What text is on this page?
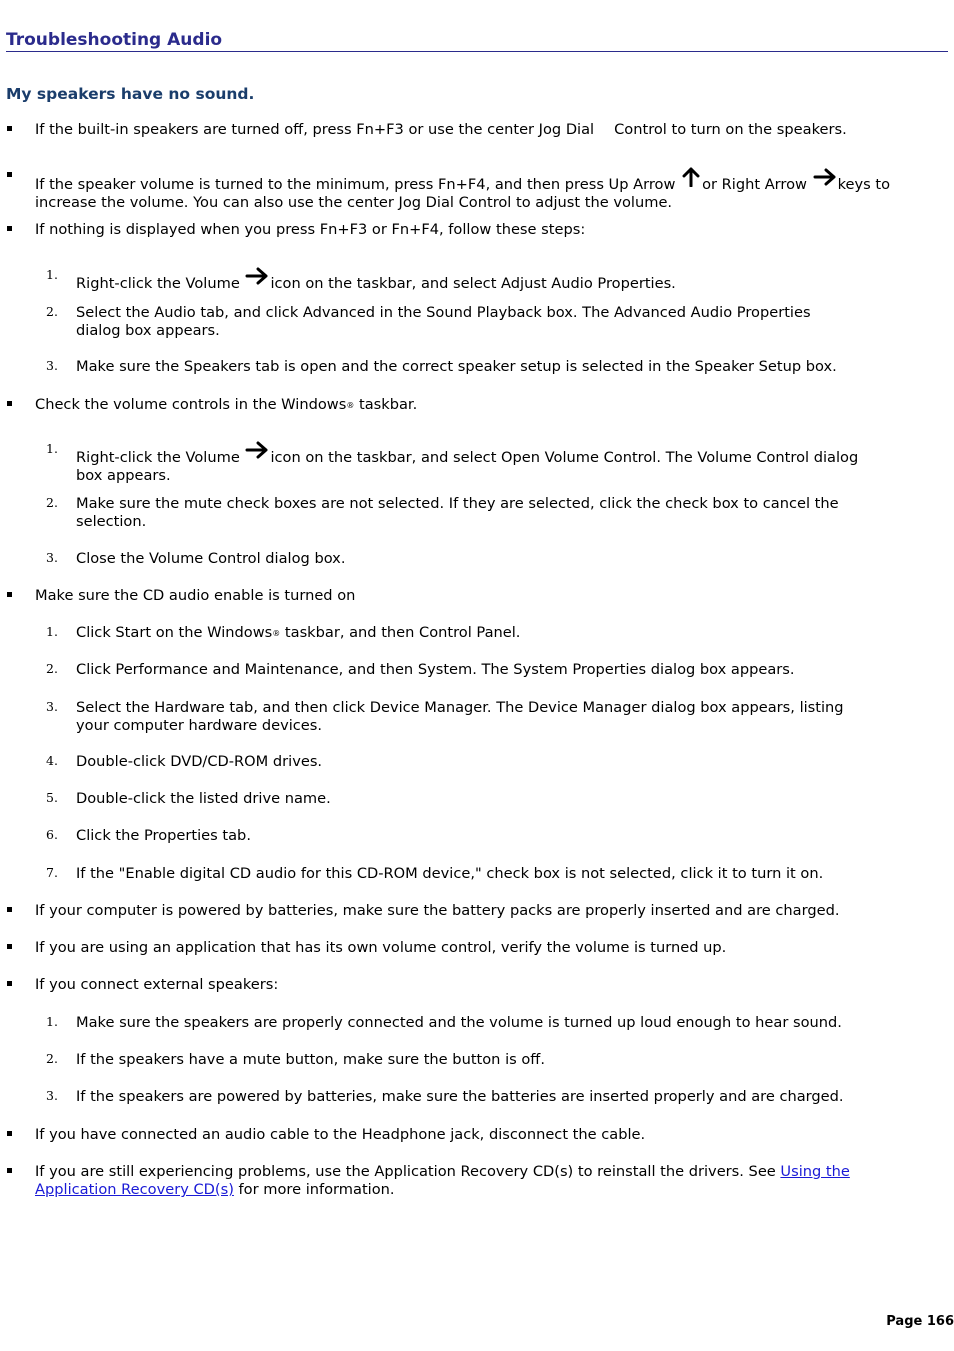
Troubleshooting Audio
My speakers have no sound.
If the built-in speakers are turned off, press Fn+F3 or use the center Jog Dial Control to turn on the speakers.
If the speaker volume is turned to the minimum, press Fn+F4, and then press Up Arrow or Right Arrow keys to
increase the volume. You can also use the center Jog Dial Control to adjust the volume.
If nothing is displayed when you press Fn+F3 or Fn+F4, follow these steps:
1.
Right-click the Volume icon on the taskbar, and select Adjust Audio Properties.
2. Select the Audio tab, and click Advanced in the Sound Playback box. The Advanced Audio Properties dialog box appears.
3. Make sure the Speakers tab is open and the correct speaker setup is selected in the Speaker Setup box.
Check the volume controls in the Windows® taskbar.
1.
Right-click the Volume icon on the taskbar, and select Open Volume Control. The Volume Control dialog
box appears.
2. Make sure the mute check boxes are not selected. If they are selected, click the check box to cancel the selection.
3. Close the Volume Control dialog box.
Make sure the CD audio enable is turned on
1. Click Start on the Windows® taskbar, and then Control Panel.
2. Click Performance and Maintenance, and then System. The System Properties dialog box appears.
3. Select the Hardware tab, and then click Device Manager. The Device Manager dialog box appears, listing your computer hardware devices.
4. Double-click DVD/CD-ROM drives.
5. Double-click the listed drive name.
6. Click the Properties tab.
7. If the "Enable digital CD audio for this CD-ROM device," check box is not selected, click it to turn it on.
If your computer is powered by batteries, make sure the battery packs are properly inserted and are charged.
If you are using an application that has its own volume control, verify the volume is turned up.
If you connect external speakers:
1. Make sure the speakers are properly connected and the volume is turned up loud enough to hear sound.
2. If the speakers have a mute button, make sure the button is off.
3. If the speakers are powered by batteries, make sure the batteries are inserted properly and are charged.
If you have connected an audio cable to the Headphone jack, disconnect the cable.
If you are still experiencing problems, use the Application Recovery CD(s) to reinstall the drivers. See Using the
Application Recovery CD(s) for more information.
Page 166
